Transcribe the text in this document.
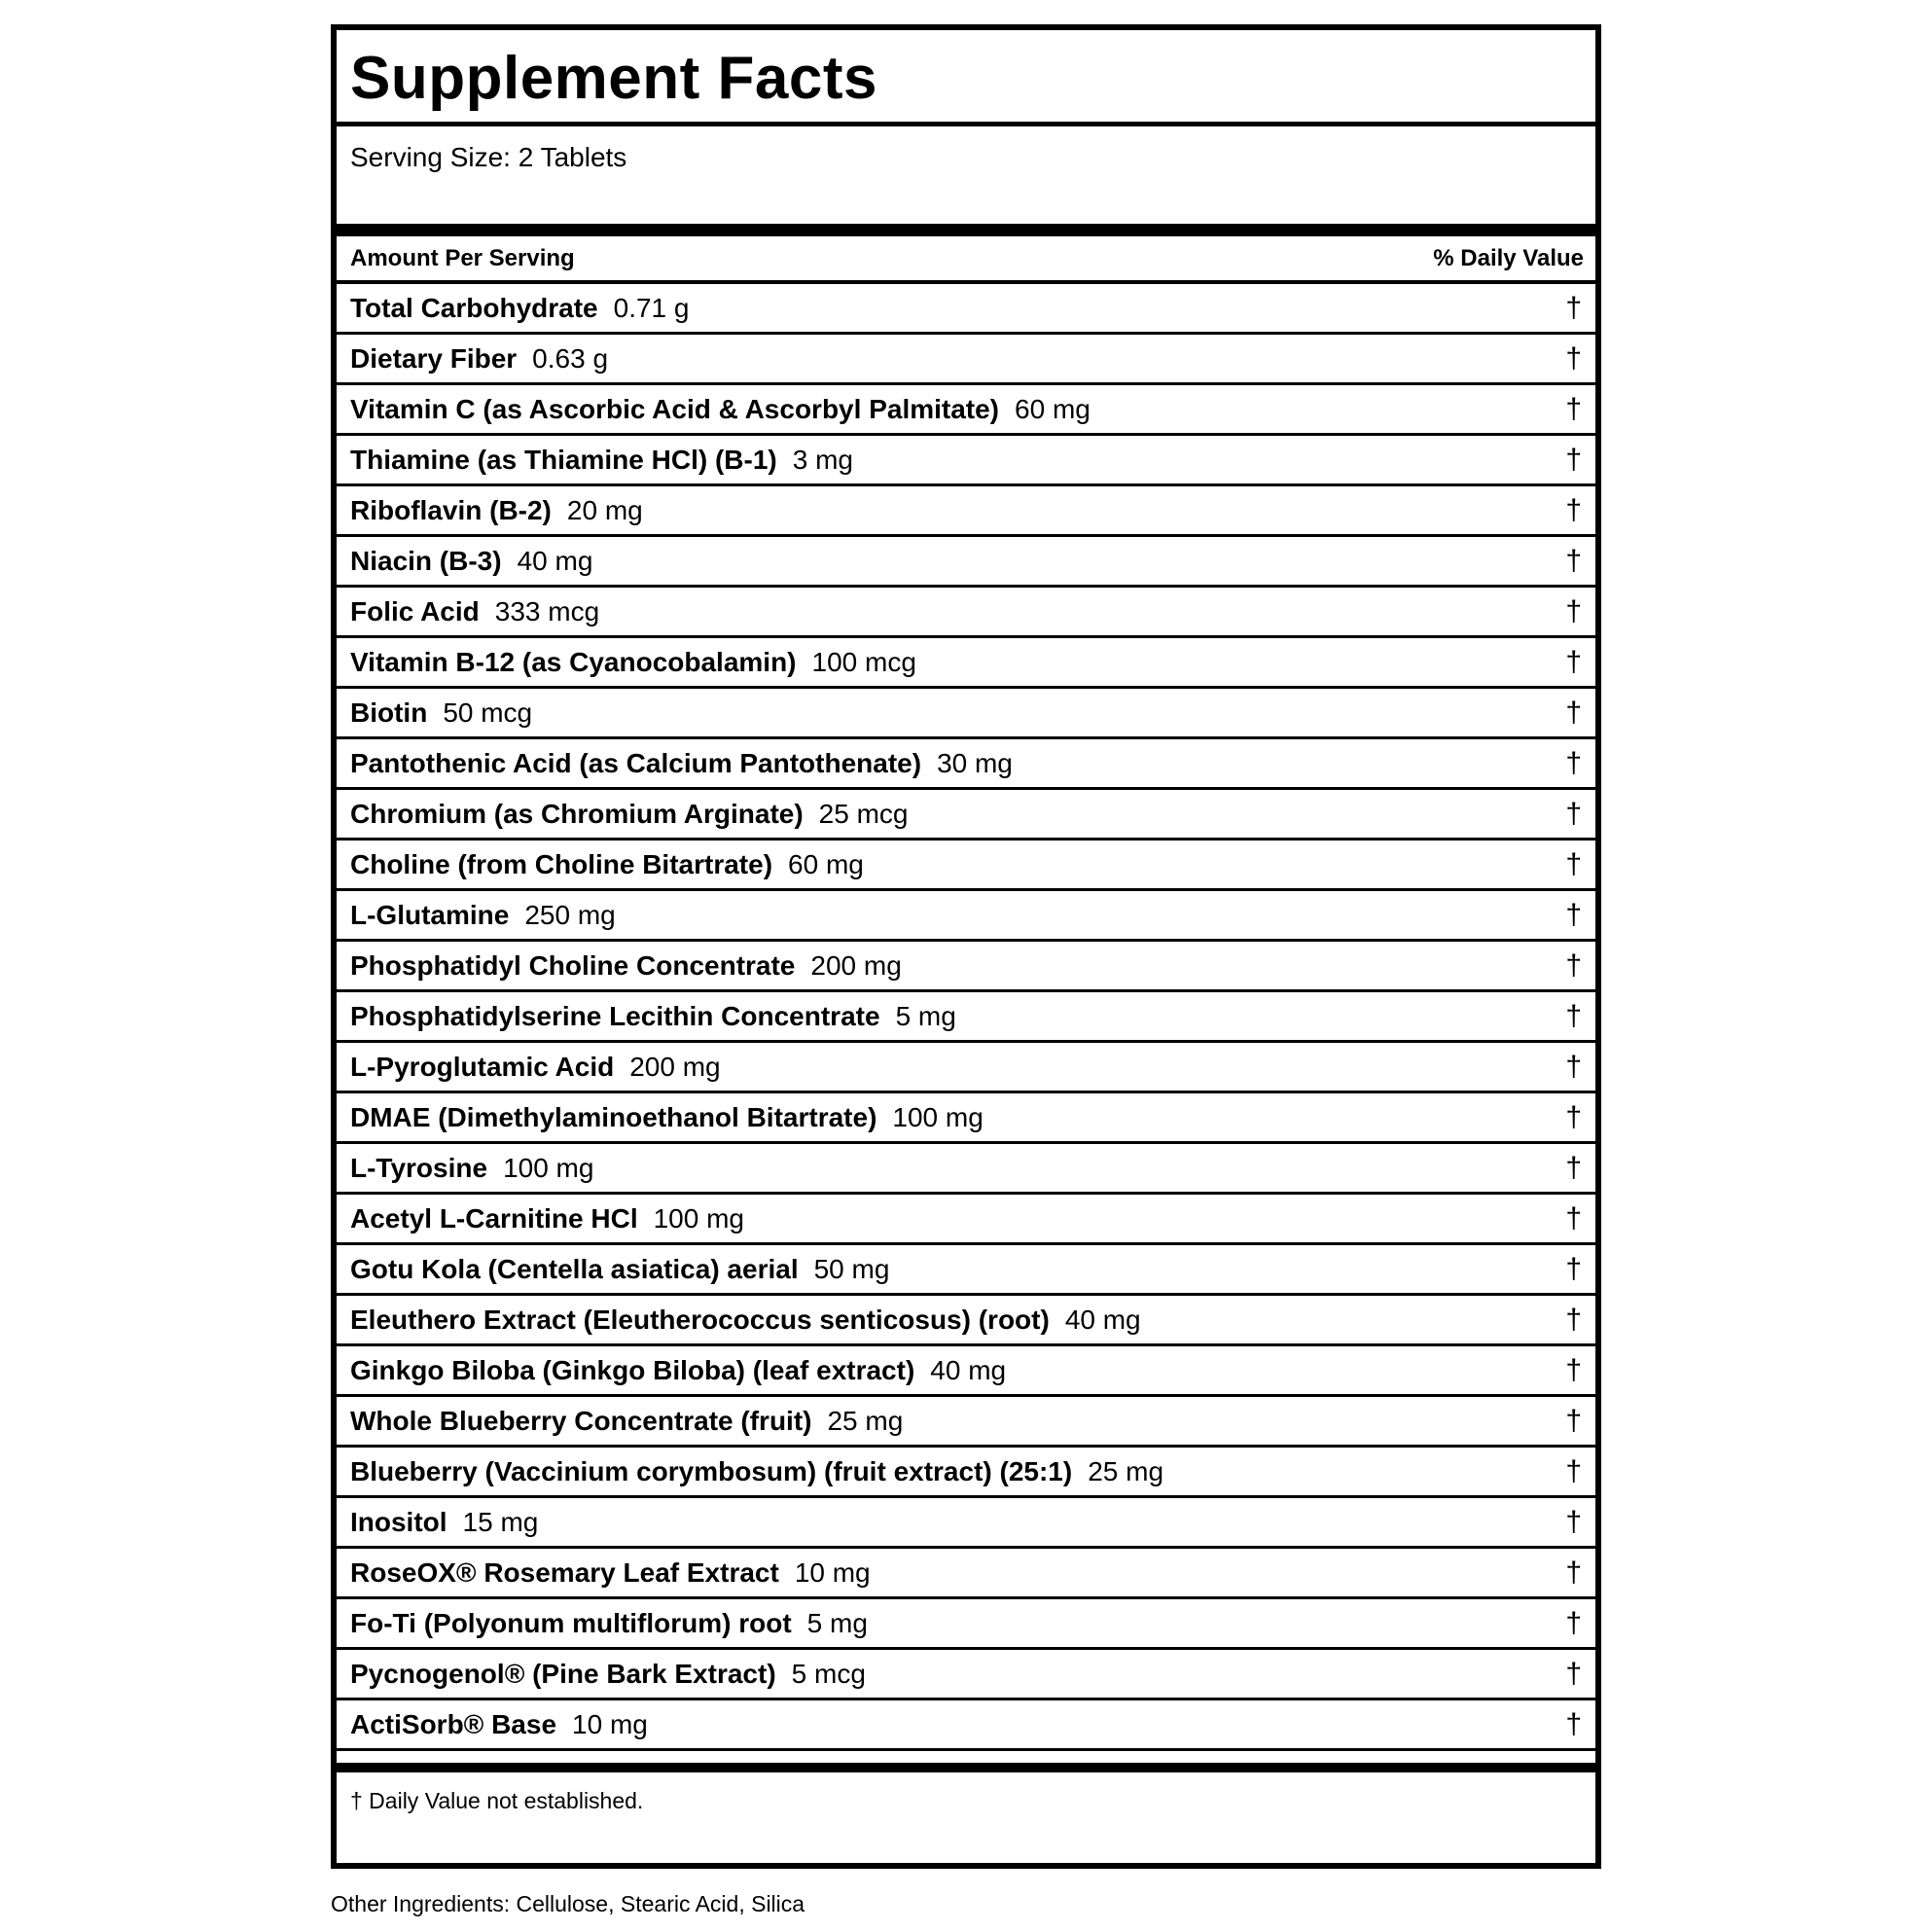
Supplement Facts
Serving Size: 2 Tablets
Amount Per Serving	% Daily Value
Total Carbohydrate 0.71 g	†
Dietary Fiber 0.63 g	†
Vitamin C (as Ascorbic Acid & Ascorbyl Palmitate) 60 mg	†
Thiamine (as Thiamine HCl) (B-1) 3 mg	†
Riboflavin (B-2) 20 mg	†
Niacin (B-3) 40 mg	†
Folic Acid 333 mcg	†
Vitamin B-12 (as Cyanocobalamin) 100 mcg	†
Biotin 50 mcg	†
Pantothenic Acid (as Calcium Pantothenate) 30 mg	†
Chromium (as Chromium Arginate) 25 mcg	†
Choline (from Choline Bitartrate) 60 mg	†
L-Glutamine 250 mg	†
Phosphatidyl Choline Concentrate 200 mg	†
Phosphatidylserine Lecithin Concentrate 5 mg	†
L-Pyroglutamic Acid 200 mg	†
DMAE (Dimethylaminoethanol Bitartrate) 100 mg	†
L-Tyrosine 100 mg	†
Acetyl L-Carnitine HCl 100 mg	†
Gotu Kola (Centella asiatica) aerial 50 mg	†
Eleuthero Extract (Eleutherococcus senticosus) (root) 40 mg	†
Ginkgo Biloba (Ginkgo Biloba) (leaf extract) 40 mg	†
Whole Blueberry Concentrate (fruit) 25 mg	†
Blueberry (Vaccinium corymbosum) (fruit extract) (25:1) 25 mg	†
Inositol 15 mg	†
RoseOX® Rosemary Leaf Extract 10 mg	†
Fo-Ti (Polyonum multiflorum) root 5 mg	†
Pycnogenol® (Pine Bark Extract) 5 mcg	†
ActiSorb® Base 10 mg	†
† Daily Value not established.
Other Ingredients: Cellulose, Stearic Acid, Silica
